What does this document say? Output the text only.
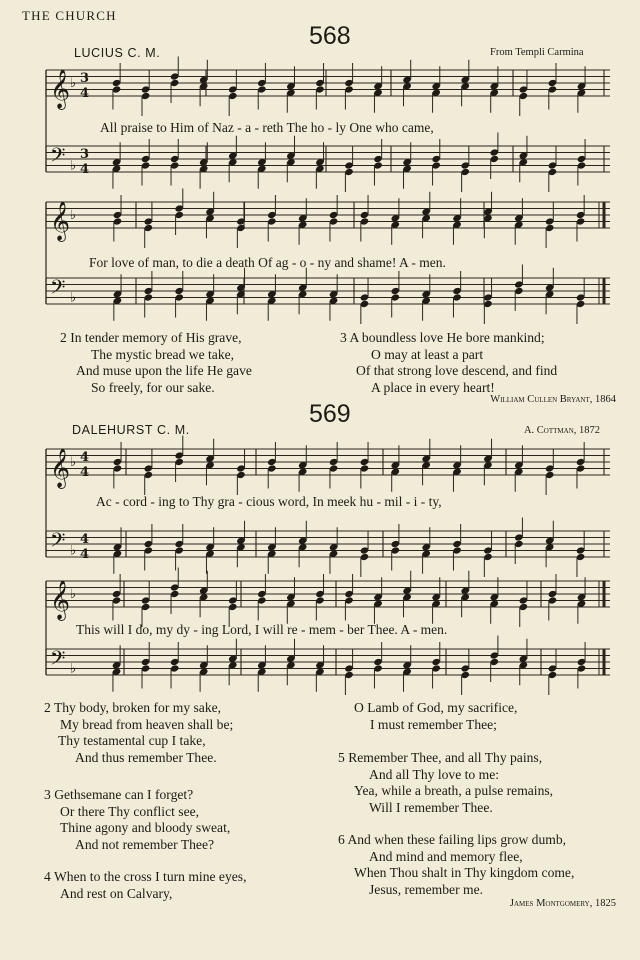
THE CHURCH
568
LUCIUS C. M.	From Templi Carmina
𝄞 ♭ 3
4
𝄢 ♭
3
4
All praise to Him of Naz - a - reth The ho - ly One who came,
𝄞 ♭
𝄢 ♭
For love of man, to die a death Of ag - o - ny and shame! A - men.
2 In tender memory of His grave,
The mystic bread we take,
And muse upon the life He gave
So freely, for our sake.
3 A boundless love He bore mankind;
O may at least a part
Of that strong love descend, and find
A place in every heart!
William Cullen Bryant, 1864
569
DALEHURST C. M.	A. Cottman, 1872
𝄞 ♭ 4
4
𝄢 ♭
4
4
Ac - cord - ing to Thy gra - cious word, In meek hu - mil - i - ty,
𝄞 ♭
𝄢 ♭
This will I do, my dy - ing Lord, I will re - mem - ber Thee. A - men.
2 Thy body, broken for my sake,
My bread from heaven shall be;
Thy testamental cup I take,
And thus remember Thee.
3 Gethsemane can I forget?
Or there Thy conflict see,
Thine agony and bloody sweat,
And not remember Thee?
4 When to the cross I turn mine eyes,
And rest on Calvary,
O Lamb of God, my sacrifice,
I must remember Thee;
5 Remember Thee, and all Thy pains,
And all Thy love to me:
Yea, while a breath, a pulse remains,
Will I remember Thee.
6 And when these failing lips grow dumb,
And mind and memory flee,
When Thou shalt in Thy kingdom come,
Jesus, remember me.
James Montgomery, 1825
